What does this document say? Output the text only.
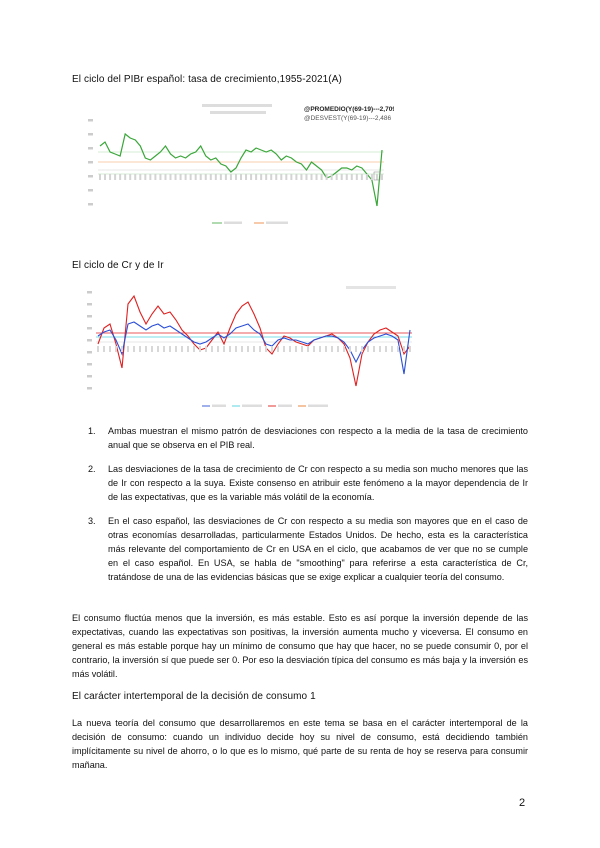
El ciclo del PIBr español: tasa de crecimiento,1955-2021(A)
@PROMEDIO(Y(69-19)---2,709
@DESVEST(Y(69-19)---2,486
El ciclo de Cr y de Ir
1. Ambas muestran el mismo patrón de desviaciones con respecto a la media de la tasa de crecimiento anual que se observa en el PIB real.
2. Las desviaciones de la tasa de crecimiento de Cr con respecto a su media son mucho menores que las de Ir con respecto a la suya. Existe consenso en atribuir este fenómeno a la mayor dependencia de Ir de las expectativas, que es la variable más volátil de la economía.
3. En el caso español, las desviaciones de Cr con respecto a su media son mayores que en el caso de otras economías desarrolladas, particularmente Estados Unidos. De hecho, esta es la característica más relevante del comportamiento de Cr en USA en el ciclo, que acabamos de ver que no se cumple en el caso español. En USA, se habla de "smoothing" para referirse a esta característica de Cr, tratándose de una de las evidencias básicas que se exige explicar a cualquier teoría del consumo.
El consumo fluctúa menos que la inversión, es más estable. Esto es así porque la inversión depende de las expectativas, cuando las expectativas son positivas, la inversión aumenta mucho y viceversa. El consumo en general es más estable porque hay un mínimo de consumo que hay que hacer, no se puede consumir 0, por el contrario, la inversión sí que puede ser 0. Por eso la desviación típica del consumo es más baja y la inversión es más volátil.
El carácter intertemporal de la decisión de consumo 1
La nueva teoría del consumo que desarrollaremos en este tema se basa en el carácter intertemporal de la decisión de consumo: cuando un individuo decide hoy su nivel de consumo, está decidiendo también implícitamente su nivel de ahorro, o lo que es lo mismo, qué parte de su renta de hoy se reserva para consumir mañana.
2
